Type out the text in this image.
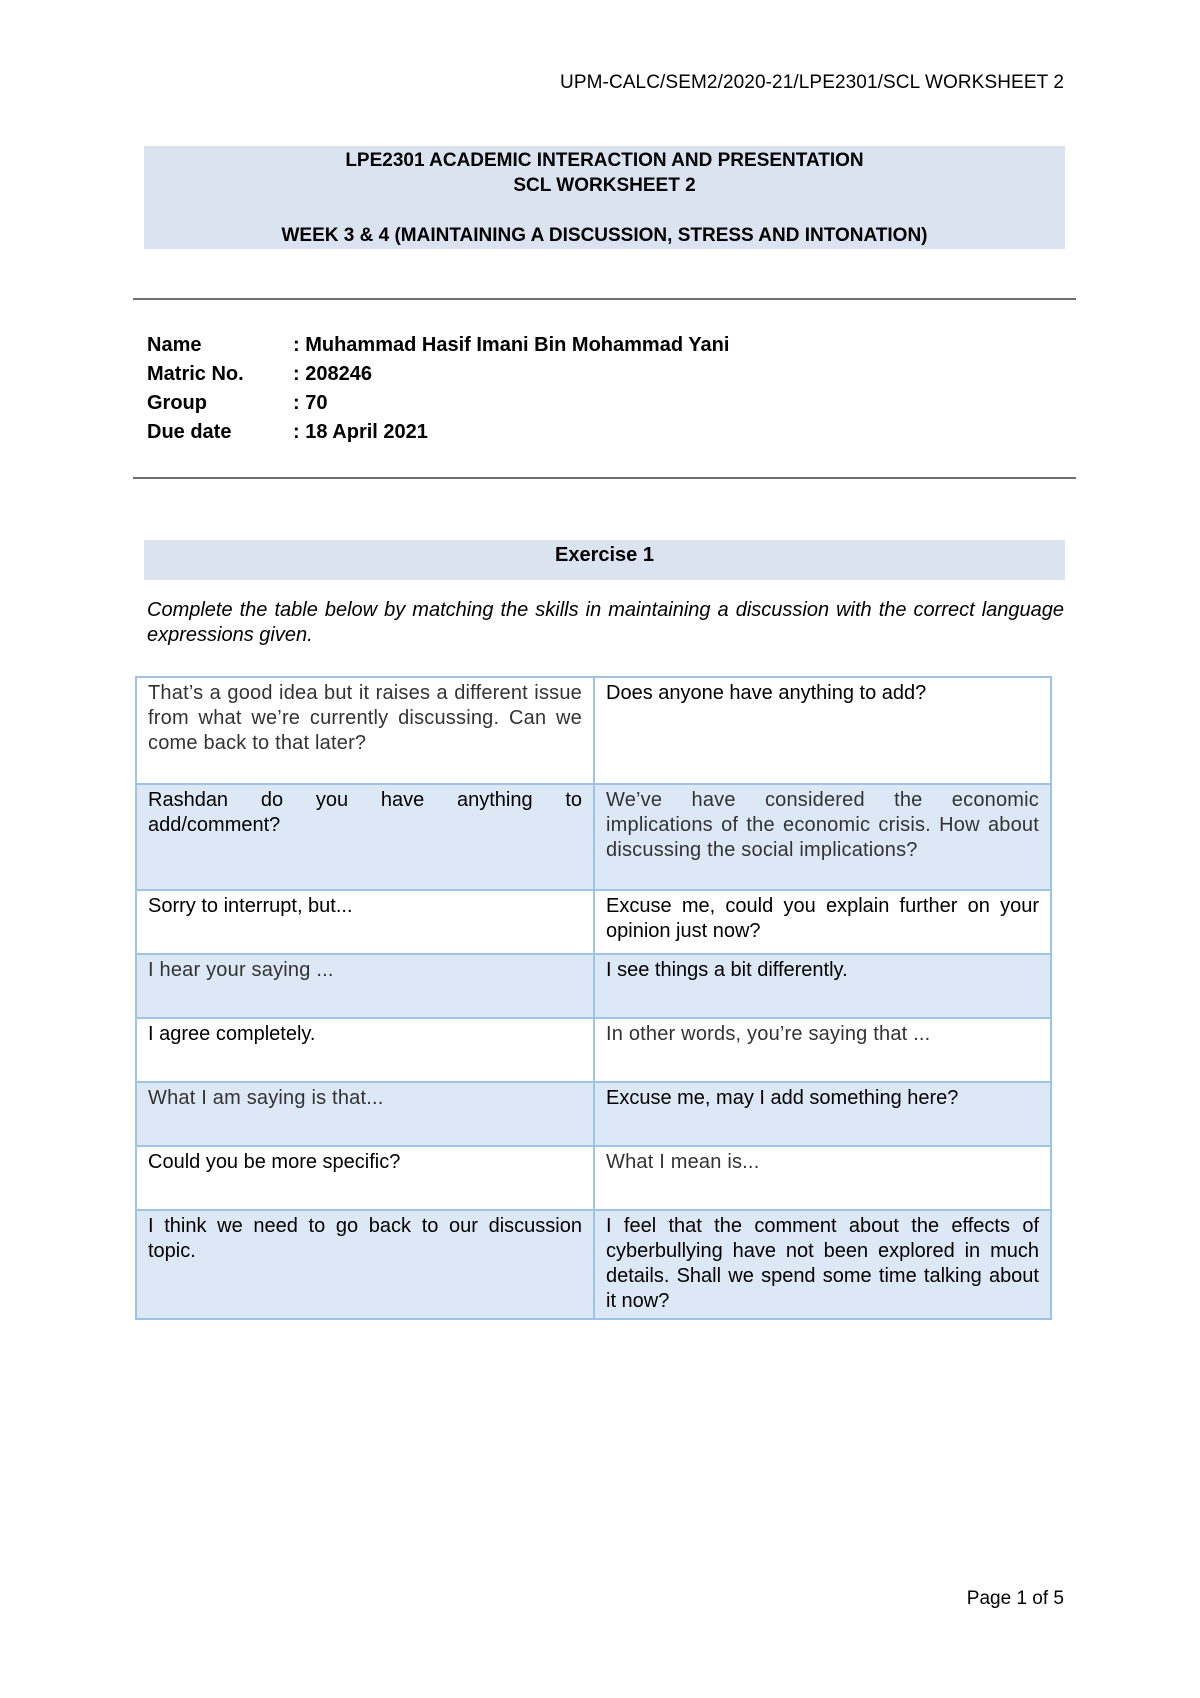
UPM-CALC/SEM2/2020-21/LPE2301/SCL WORKSHEET 2
LPE2301 ACADEMIC INTERACTION AND PRESENTATION
SCL WORKSHEET 2
WEEK 3 & 4 (MAINTAINING A DISCUSSION, STRESS AND INTONATION)
Name	: Muhammad Hasif Imani Bin Mohammad Yani
Matric No.	: 208246
Group	: 70
Due date	: 18 April 2021
Exercise 1
Complete the table below by matching the skills in maintaining a discussion with the correct language expressions given.
That’s a good idea but it raises a different issue from what we’re currently discussing. Can we come back to that later?	Does anyone have anything to add?
Rashdan do you have anything to add/comment?	We’ve have considered the economic implications of the economic crisis. How about discussing the social implications?
Sorry to interrupt, but...	Excuse me, could you explain further on your opinion just now?
I hear your saying ...	I see things a bit differently.
I agree completely.	In other words, you’re saying that ...
What I am saying is that...	Excuse me, may I add something here?
Could you be more specific?	What I mean is...
I think we need to go back to our discussion topic.	I feel that the comment about the effects of cyberbullying have not been explored in much details. Shall we spend some time talking about it now?
Page 1 of 5
